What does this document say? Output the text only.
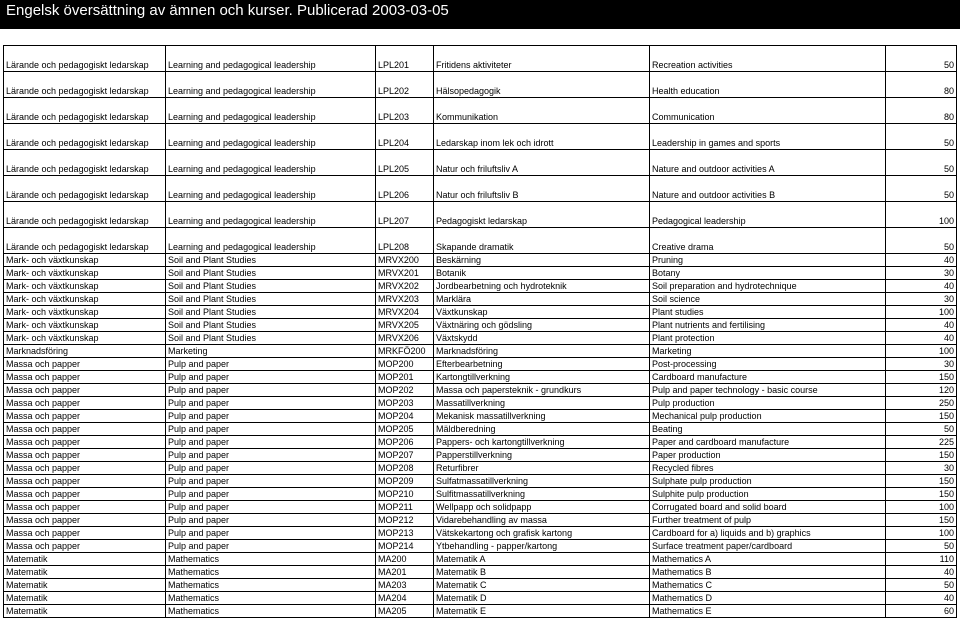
Engelsk översättning av ämnen och kurser. Publicerad 2003-03-05
Lärande och pedagogiskt ledarskap	Learning and pedagogical leadership	LPL201	Fritidens aktiviteter	Recreation activities	50
Lärande och pedagogiskt ledarskap	Learning and pedagogical leadership	LPL202	Hälsopedagogik	Health education	80
Lärande och pedagogiskt ledarskap	Learning and pedagogical leadership	LPL203	Kommunikation	Communication	80
Lärande och pedagogiskt ledarskap	Learning and pedagogical leadership	LPL204	Ledarskap inom lek och idrott	Leadership in games and sports	50
Lärande och pedagogiskt ledarskap	Learning and pedagogical leadership	LPL205	Natur och friluftsliv A	Nature and outdoor activities A	50
Lärande och pedagogiskt ledarskap	Learning and pedagogical leadership	LPL206	Natur och friluftsliv B	Nature and outdoor activities B	50
Lärande och pedagogiskt ledarskap	Learning and pedagogical leadership	LPL207	Pedagogiskt ledarskap	Pedagogical leadership	100
Lärande och pedagogiskt ledarskap	Learning and pedagogical leadership	LPL208	Skapande dramatik	Creative drama	50
Mark- och växtkunskap	Soil and Plant Studies	MRVX200	Beskärning	Pruning	40
Mark- och växtkunskap	Soil and Plant Studies	MRVX201	Botanik	Botany	30
Mark- och växtkunskap	Soil and Plant Studies	MRVX202	Jordbearbetning och hydroteknik	Soil preparation and hydrotechnique	40
Mark- och växtkunskap	Soil and Plant Studies	MRVX203	Marklära	Soil science	30
Mark- och växtkunskap	Soil and Plant Studies	MRVX204	Växtkunskap	Plant studies	100
Mark- och växtkunskap	Soil and Plant Studies	MRVX205	Växtnäring och gödsling	Plant nutrients and fertilising	40
Mark- och växtkunskap	Soil and Plant Studies	MRVX206	Växtskydd	Plant protection	40
Marknadsföring	Marketing	MRKFÖ200	Marknadsföring	Marketing	100
Massa och papper	Pulp and paper	MOP200	Efterbearbetning	Post-processing	30
Massa och papper	Pulp and paper	MOP201	Kartongtillverkning	Cardboard manufacture	150
Massa och papper	Pulp and paper	MOP202	Massa och papersteknik - grundkurs	Pulp and paper technology - basic course	120
Massa och papper	Pulp and paper	MOP203	Massatillverkning	Pulp production	250
Massa och papper	Pulp and paper	MOP204	Mekanisk massatillverkning	Mechanical pulp production	150
Massa och papper	Pulp and paper	MOP205	Mäldberedning	Beating	50
Massa och papper	Pulp and paper	MOP206	Pappers- och kartongtillverkning	Paper and cardboard manufacture	225
Massa och papper	Pulp and paper	MOP207	Papperstillverkning	Paper production	150
Massa och papper	Pulp and paper	MOP208	Returfibrer	Recycled fibres	30
Massa och papper	Pulp and paper	MOP209	Sulfatmassatillverkning	Sulphate pulp production	150
Massa och papper	Pulp and paper	MOP210	Sulfitmassatillverkning	Sulphite pulp production	150
Massa och papper	Pulp and paper	MOP211	Wellpapp och solidpapp	Corrugated board and solid board	100
Massa och papper	Pulp and paper	MOP212	Vidarebehandling av massa	Further treatment of pulp	150
Massa och papper	Pulp and paper	MOP213	Vätskekartong och grafisk kartong	Cardboard for a) liquids and b) graphics	100
Massa och papper	Pulp and paper	MOP214	Ytbehandling - papper/kartong	Surface treatment paper/cardboard	50
Matematik	Mathematics	MA200	Matematik A	Mathematics A	110
Matematik	Mathematics	MA201	Matematik B	Mathematics B	40
Matematik	Mathematics	MA203	Matematik C	Mathematics C	50
Matematik	Mathematics	MA204	Matematik D	Mathematics D	40
Matematik	Mathematics	MA205	Matematik E	Mathematics E	60
